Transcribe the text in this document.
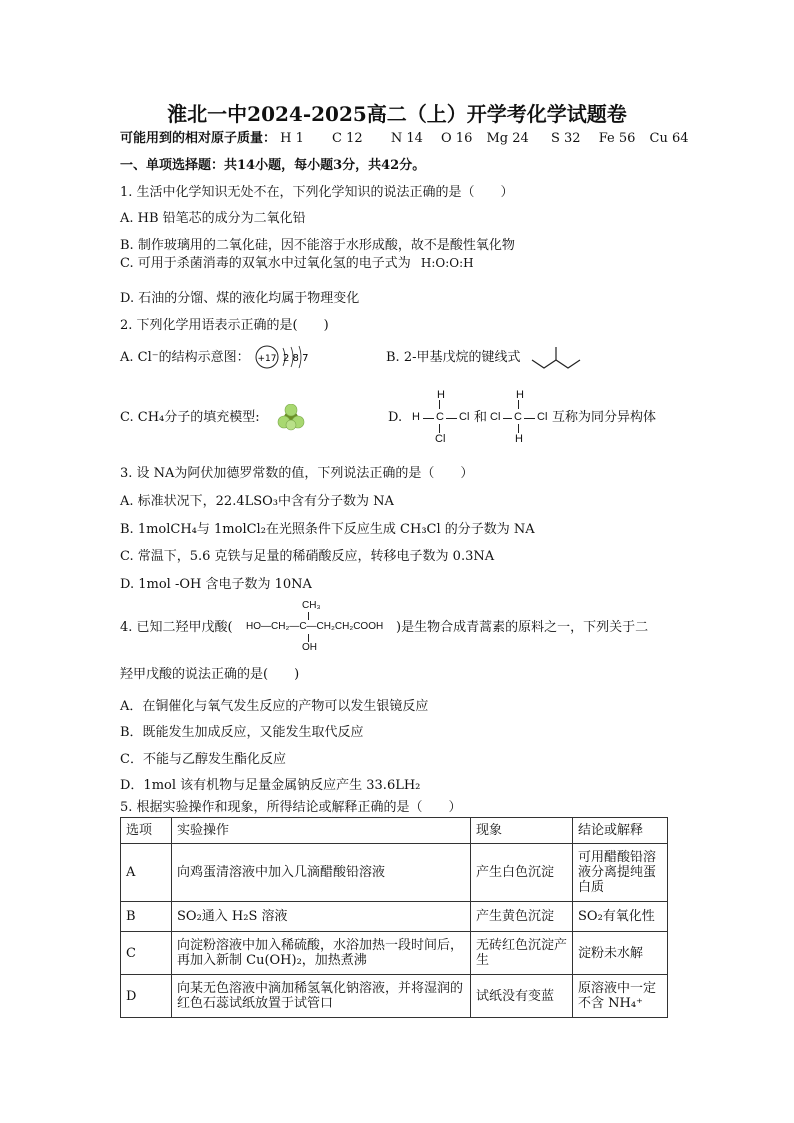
淮北一中2024-2025高二（上）开学考化学试题卷
可能用到的相对原子质量： H 1 C 12 N 14 O 16 Mg 24 S 32 Fe 56 Cu 64
一、单项选择题：共14小题，每小题3分，共42分。
1. 生活中化学知识无处不在，下列化学知识的说法正确的是（　　）
A. HB 铅笔芯的成分为二氧化铅
B. 制作玻璃用的二氧化硅，因不能溶于水形成酸，故不是酸性氧化物
C. 可用于杀菌消毒的双氧水中过氧化氢的电子式为 H:O:O:H
D. 石油的分馏、煤的液化均属于物理变化
2. 下列化学用语表示正确的是(　　)
A. Cl⁻的结构示意图： +17 2 8 7	B. 2-甲基戊烷的键线式
C. CH₄分子的填充模型:	D.
H
H C Cl
Cl
和
H
Cl C Cl
H
互称为同分异构体
3. 设 NA为阿伏加德罗常数的值，下列说法正确的是（　　）
A. 标准状况下，22.4LSO₃中含有分子数为 NA
B. 1molCH₄与 1molCl₂在光照条件下反应生成 CH₃Cl 的分子数为 NA
C. 常温下，5.6 克铁与足量的稀硝酸反应，转移电子数为 0.3NA
D. 1mol -OH 含电子数为 10NA
4. 已知二羟甲戊酸(
CH₃
HO—CH₂—C—CH₂CH₂COOH
OH
)是生物合成青蒿素的原料之一，下列关于二
羟甲戊酸的说法正确的是(　　)
A．在铜催化与氧气发生反应的产物可以发生银镜反应
B．既能发生加成反应，又能发生取代反应
C．不能与乙醇发生酯化反应
D．1mol 该有机物与足量金属钠反应产生 33.6LH₂
5. 根据实验操作和现象，所得结论或解释正确的是（　　）
选项	实验操作	现象	结论或解释
A	向鸡蛋清溶液中加入几滴醋酸铅溶液	产生白色沉淀	可用醋酸铅溶液分离提纯蛋白质
B	SO₂通入 H₂S 溶液	产生黄色沉淀	SO₂有氧化性
C	向淀粉溶液中加入稀硫酸，水浴加热一段时间后，再加入新制 Cu(OH)₂，加热煮沸	无砖红色沉淀产生	淀粉未水解
D	向某无色溶液中滴加稀氢氧化钠溶液，并将湿润的红色石蕊试纸放置于试管口	试纸没有变蓝	原溶液中一定不含 NH₄⁺
